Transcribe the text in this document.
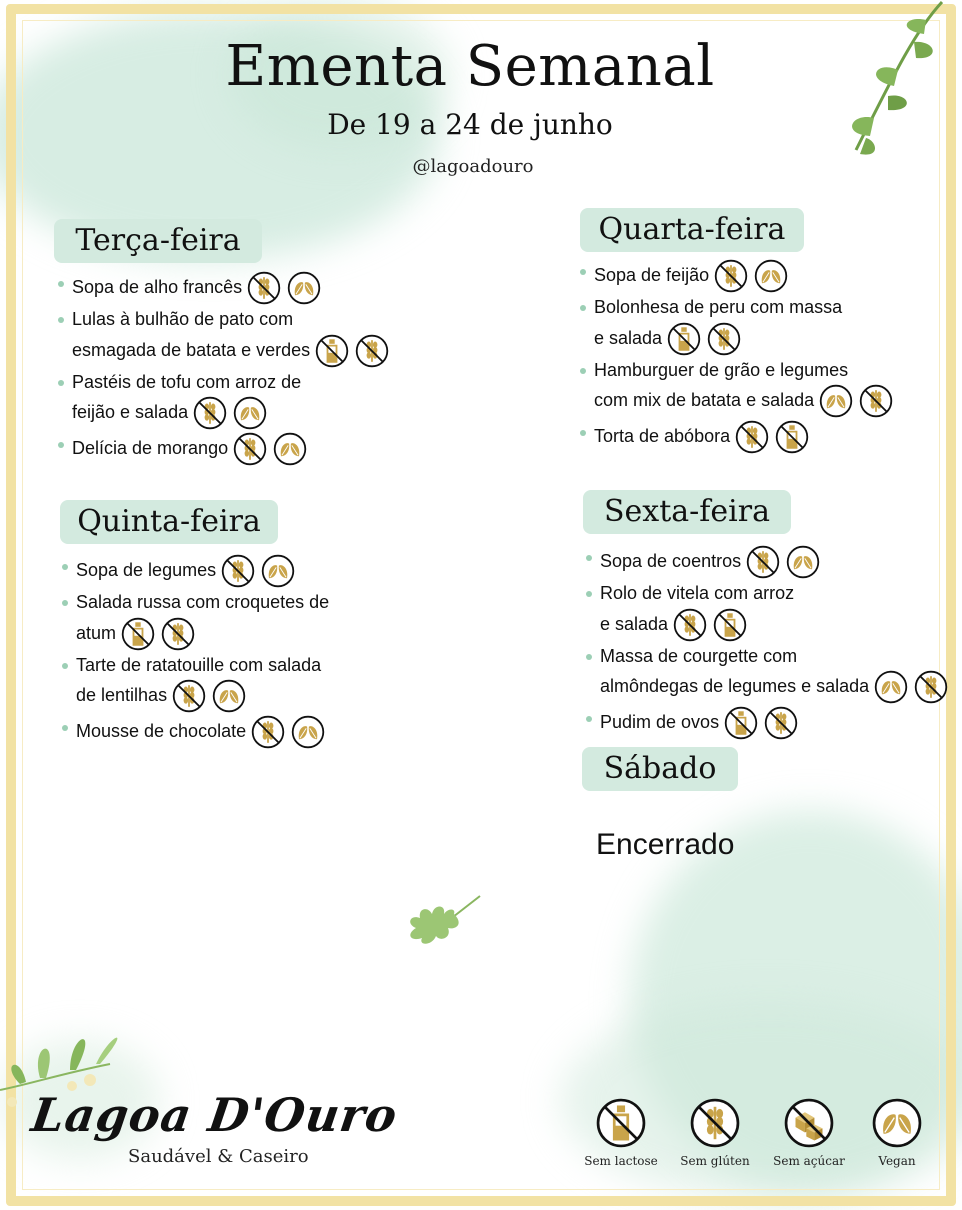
Ementa Semanal
De 19 a 24 de junho
@lagoadouro
Terça-feira	Quarta-feira
Quinta-feira	Sexta-feira
Sábado
Sopa de alho francês
Lulas à bulhão de pato com
esmagada de batata e verdes
Pastéis de tofu com arroz de
feijão e salada
Delícia de morango
Sopa de feijão
Bolonhesa de peru com massa
e salada
Hamburguer de grão e legumes
com mix de batata e salada
Torta de abóbora
Sopa de legumes
Salada russa com croquetes de
atum
Tarte de ratatouille com salada
de lentilhas
Mousse de chocolate
Sopa de coentros
Rolo de vitela com arroz
e salada
Massa de courgette com
almôndegas de legumes e salada
Pudim de ovos
Encerrado
Lagoa D'Ouro
Saudável & Caseiro	Sem lactose	Sem glúten	Sem açúcar	Vegan
